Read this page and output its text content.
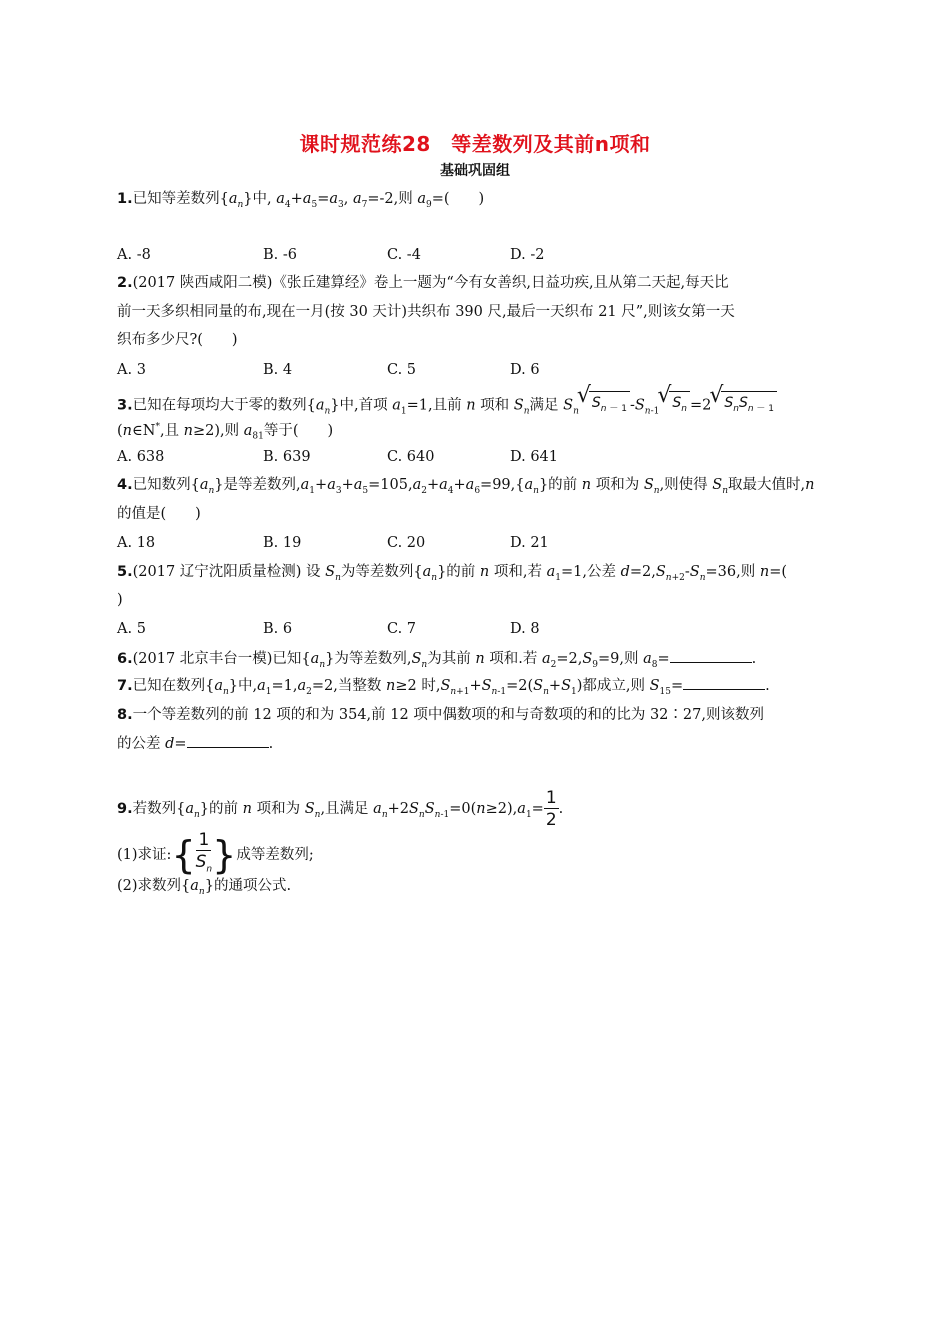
课时规范练28　等差数列及其前n项和
基础巩固组
1.已知等差数列$\{a_n\}$中, $a_4+a_5=a_3$, $a_7=-2$,则 $a_9=$(　　)
A. -8	B. -6	C. -4	D. -2
2.(2017 陕西咸阳二模)《张丘建算经》卷上一题为“今有女善织,日益功疾,且从第二天起,每天比
前一天多织相同量的布,现在一月(按 30 天计)共织布 390 尺,最后一天织布 21 尺”,则该女第一天
织布多少尺?(　　)
A. 3	B. 4	C. 5	D. 6
3.已知在每项均大于零的数列$\{a_n\}$中,首项 $a_1=1$,且前 n 项和 $S_n$满足 $S_n√$ $S_{n - 1}$ $-S_{n-1}√$ $S_n =2√$ $S_nS_{n - 1}$
(n∈N*,且 n≥2),则 $a_{81}$等于(　　)
A. 638	B. 639	C. 640	D. 641
4.已知数列$\{a_n\}$是等差数列$,a_1+a_3+a_5=105,a_2+a_4+a_6=99,\{a_n\}$的前 n 项和为 $S_n$,则使得 $S_n$取最大值时,n
的值是(　　)
A. 18	B. 19	C. 20	D. 21
5.(2017 辽宁沈阳质量检测) 设 $S_n$为等差数列$\{a_n\}$的前 n 项和,若 $a_1=1$,公差 $d=2,S_{n+2}-S_n=36$,则 n=(
)
A. 5	B. 6	C. 7	D. 8
6.(2017 北京丰台一模)已知$\{a_n\}$为等差数列$,S_n$为其前 n 项和.若 $a_2=2,S_9=9$,则 $a_8=$	.
7.已知在数列$\{a_n\}$中$,a_1=1,a_2=2$,当整数 n≥2 时$,S_{n+1}+S_{n-1}=2(S_n+S_1)$都成立,则 $S_{15}=$	.
8.一个等差数列的前 12 项的和为 354,前 12 项中偶数项的和与奇数项的和的比为 32∶27,则该数列
的公差 d=	.
9.若数列$\{a_n\}$的前 n 项和为 $S_n$,且满足 $a_n+2S_nS_{n-1}=0(n\ge 2),a_1= \frac{1}{2}$ .
(1)求证:{ $\frac{1}{S_n}$ }成等差数列;
(2)求数列$\{a_n\}$的通项公式.
